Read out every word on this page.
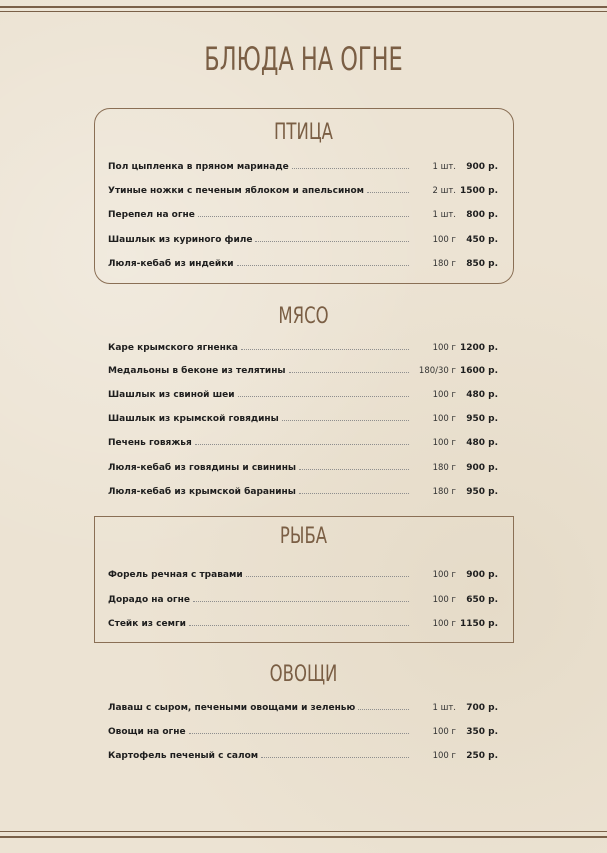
БЛЮДА НА ОГНЕ
ПТИЦА
Пол цыпленка в пряном маринаде	1 шт.	900 р.
Утиные ножки с печеным яблоком и апельсином	2 шт. 1500 р.
Перепел на огне	1 шт.	800 р.
Шашлык из куриного филе	100 г	450 р.
Люля-кебаб из индейки	180 г	850 р.
МЯСО
Каре крымского ягненка	100 г 1200 р.
Медальоны в беконе из телятины	180/30 г 1600 р.
Шашлык из свиной шеи	100 г	480 р.
Шашлык из крымской говядины	100 г	950 р.
Печень говяжья	100 г	480 р.
Люля-кебаб из говядины и свинины	180 г	900 р.
Люля-кебаб из крымской баранины	180 г	950 р.
РЫБА
Форель речная с травами	100 г	900 р.
Дорадо на огне	100 г	650 р.
Стейк из семги	100 г 1150 р.
ОВОЩИ
Лаваш с сыром, печеными овощами и зеленью	1 шт.	700 р.
Овощи на огне	100 г	350 р.
Картофель печеный с салом	100 г	250 р.
